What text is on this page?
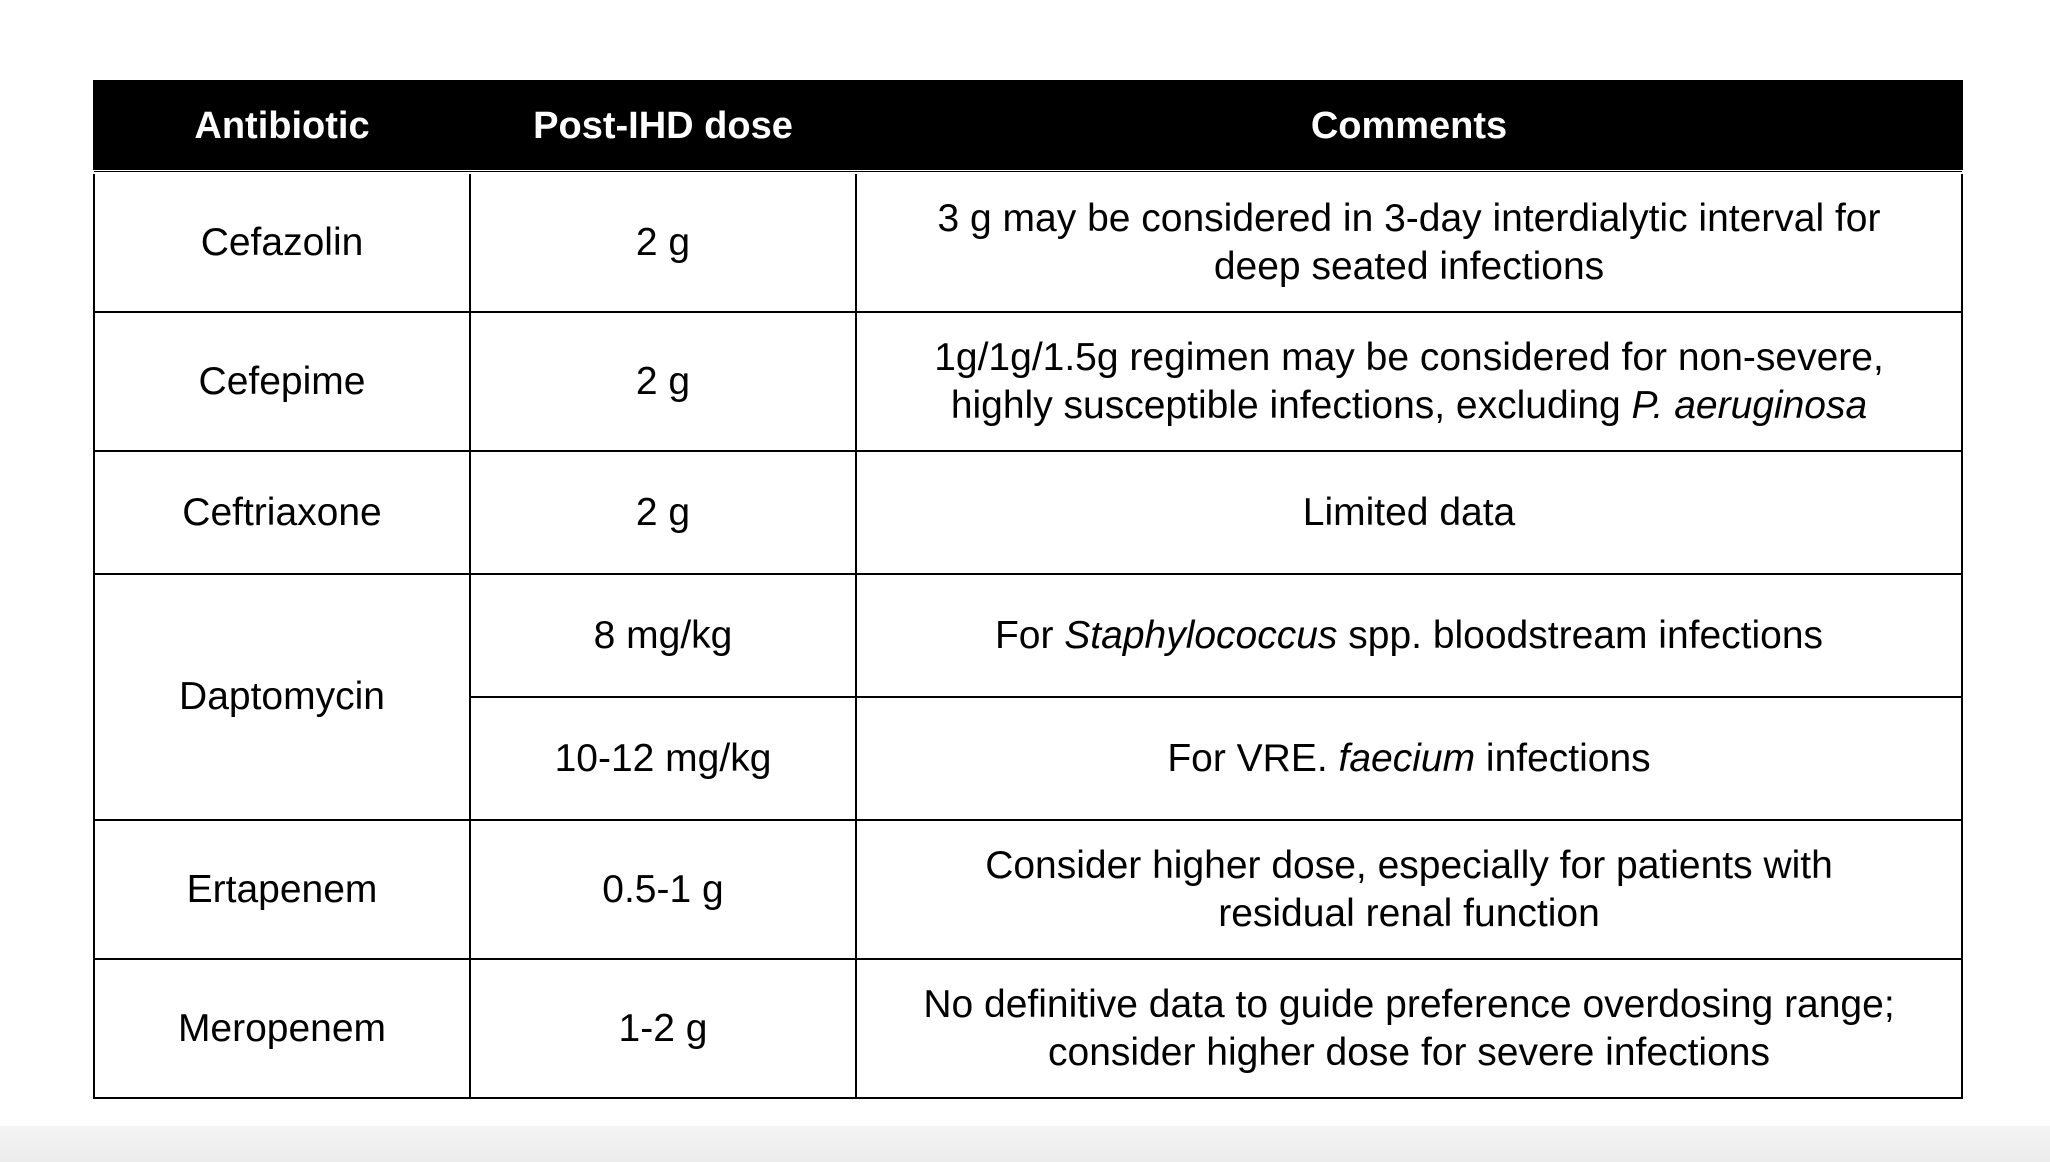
Antibiotic	Post-IHD dose	Comments
Cefazolin	2 g	3 g may be considered in 3-day interdialytic interval for
deep seated infections
Cefepime	2 g	1g/1g/1.5g regimen may be considered for non-severe,
highly susceptible infections, excluding P. aeruginosa
Ceftriaxone	2 g	Limited data
Daptomycin	8 mg/kg	For Staphylococcus spp. bloodstream infections
	10-12 mg/kg	For VRE. faecium infections
Ertapenem	0.5-1 g	Consider higher dose, especially for patients with
residual renal function
Meropenem	1-2 g	No definitive data to guide preference overdosing range;
consider higher dose for severe infections
